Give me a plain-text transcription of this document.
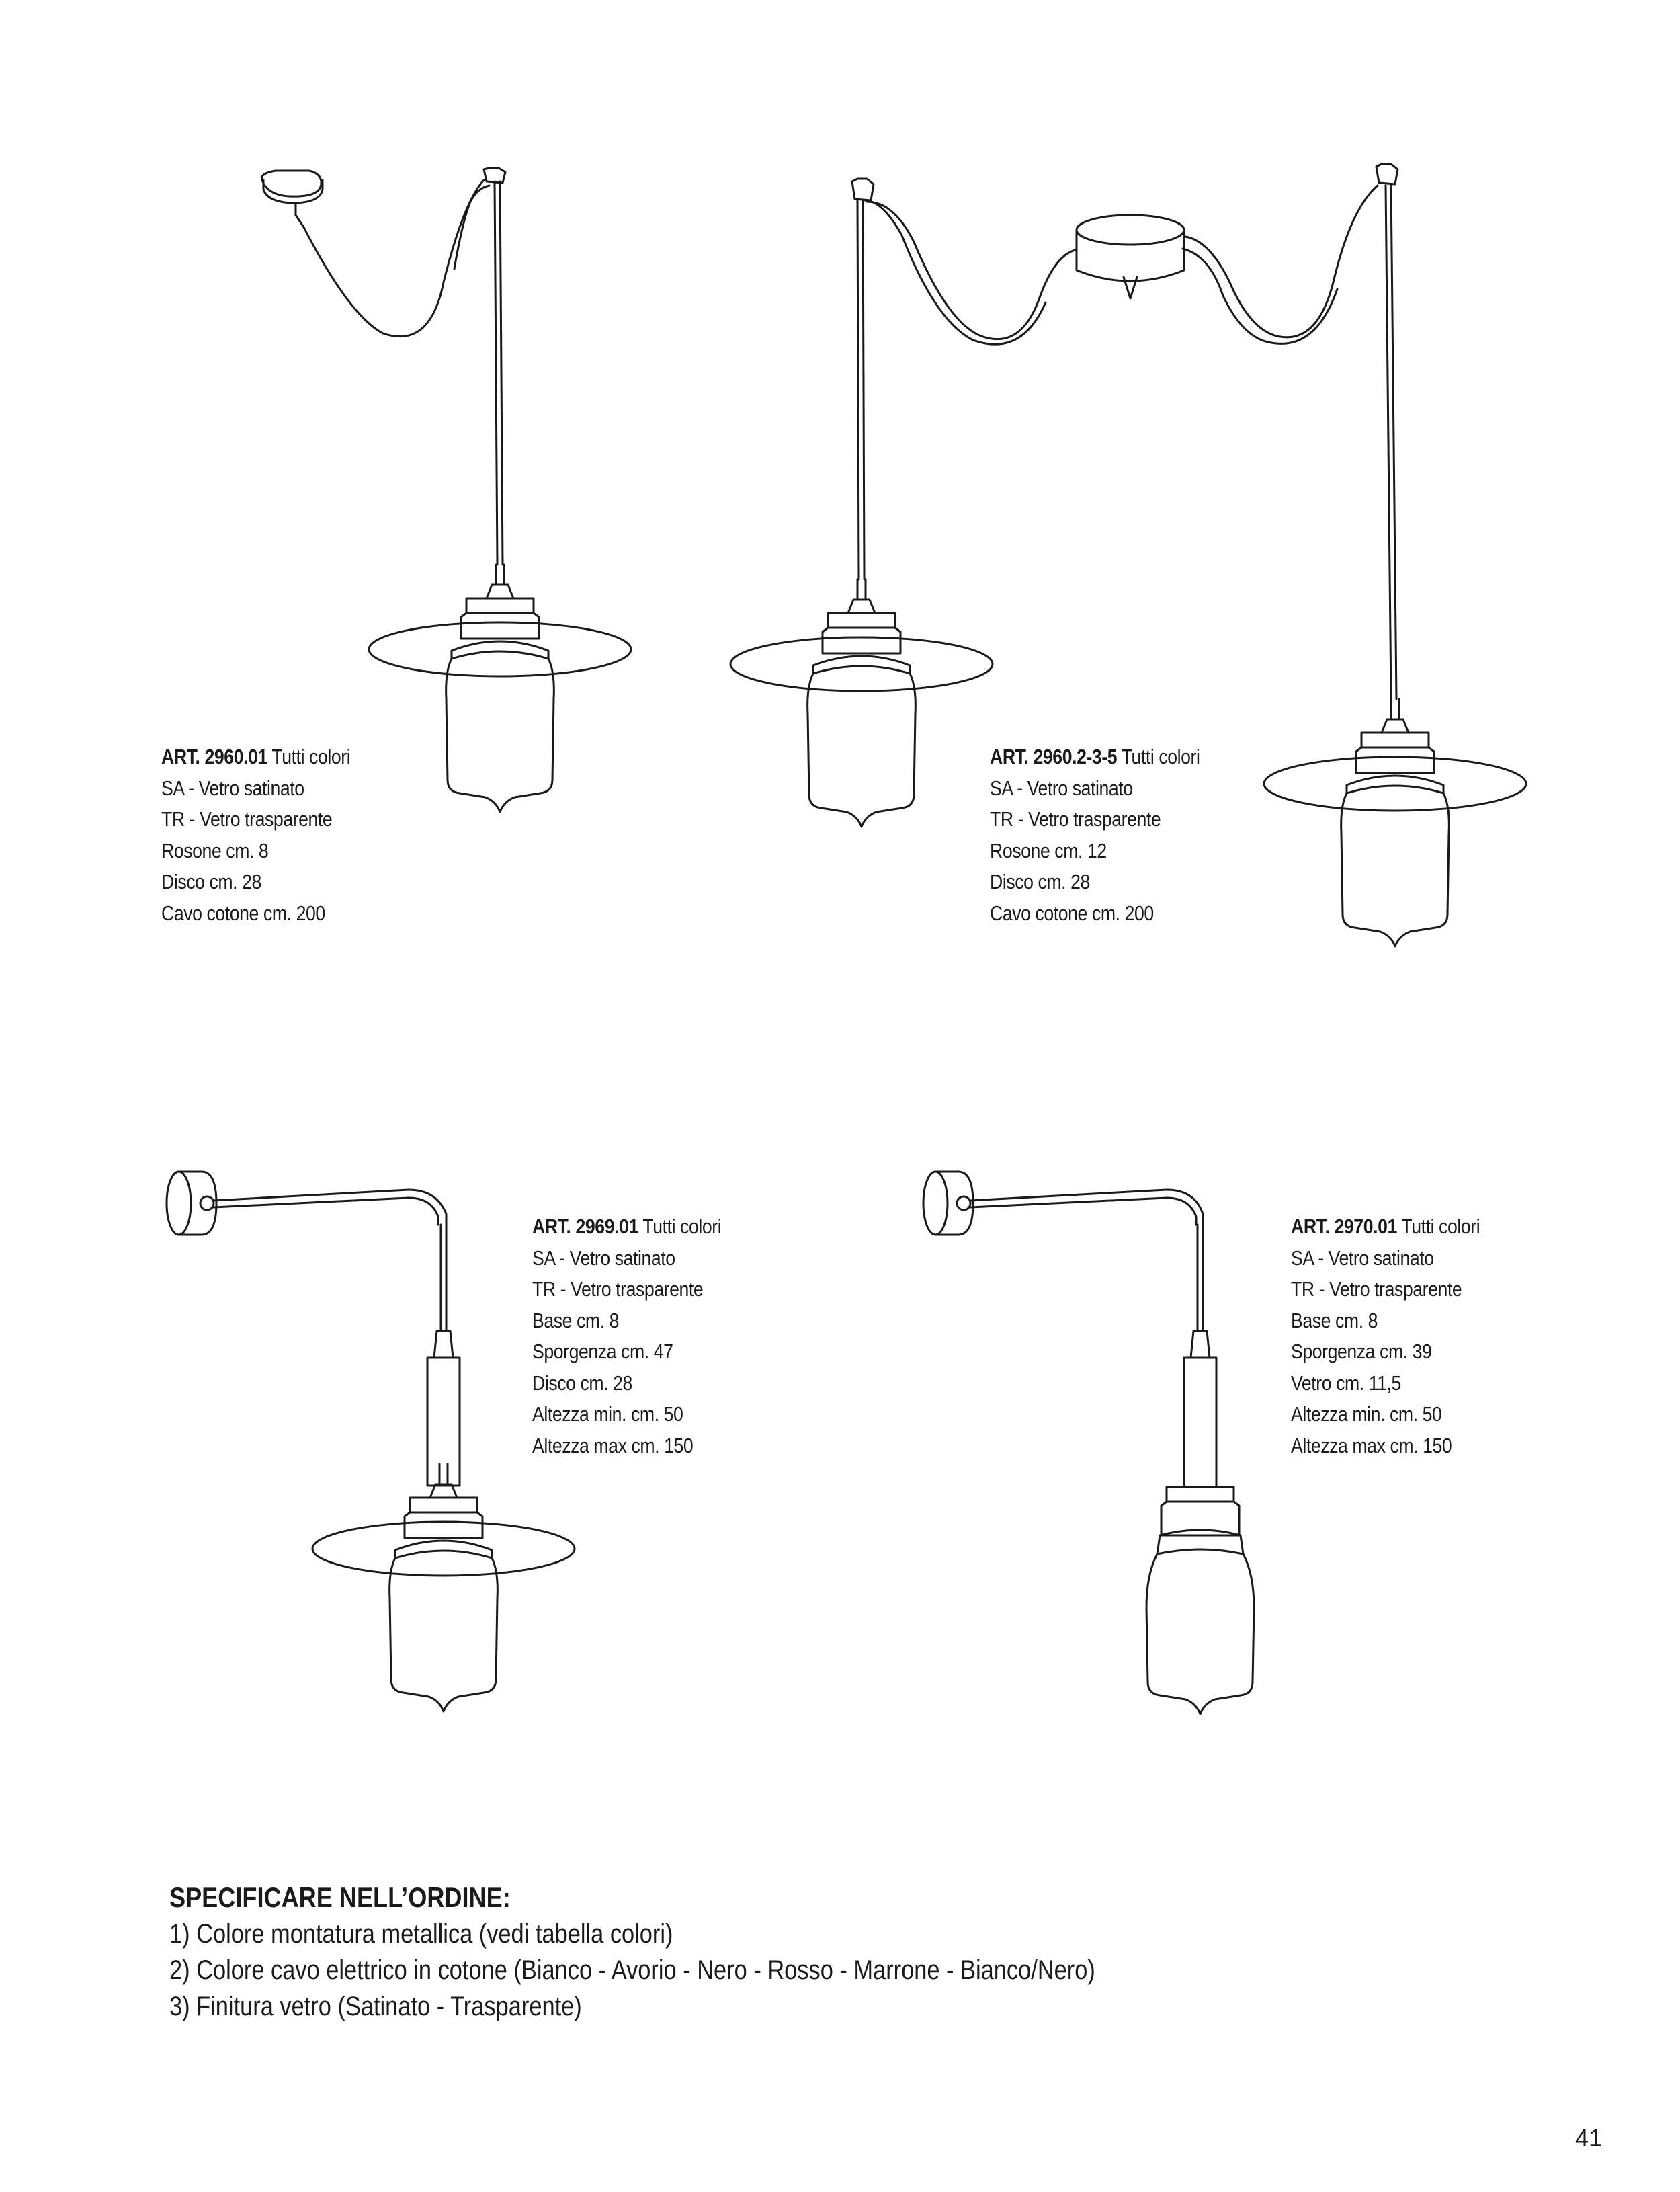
ART. 2960.01 Tutti colori
SA - Vetro satinato
TR - Vetro trasparente
Rosone cm. 8
Disco cm. 28
Cavo cotone cm. 200
ART. 2960.2-3-5 Tutti colori
SA - Vetro satinato
TR - Vetro trasparente
Rosone cm. 12
Disco cm. 28
Cavo cotone cm. 200
ART. 2969.01 Tutti colori
SA - Vetro satinato
TR - Vetro trasparente
Base cm. 8
Sporgenza cm. 47
Disco cm. 28
Altezza min. cm. 50
Altezza max cm. 150
ART. 2970.01 Tutti colori
SA - Vetro satinato
TR - Vetro trasparente
Base cm. 8
Sporgenza cm. 39
Vetro cm. 11,5
Altezza min. cm. 50
Altezza max cm. 150
SPECIFICARE NELL’ORDINE:
1) Colore montatura metallica (vedi tabella colori)
2) Colore cavo elettrico in cotone (Bianco - Avorio - Nero - Rosso - Marrone - Bianco/Nero)
3) Finitura vetro (Satinato - Trasparente)
41
